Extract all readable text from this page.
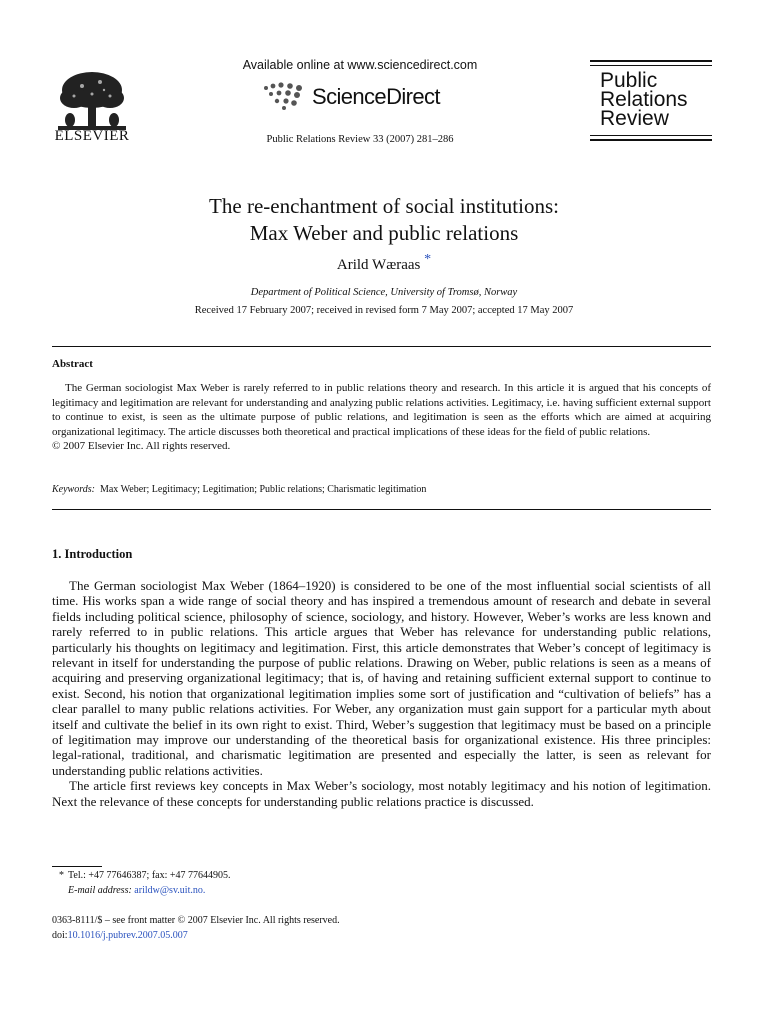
ELSEVIER
Available online at www.sciencedirect.com
ScienceDirect
Public Relations Review 33 (2007) 281–286
Public
Relations
Review
The re-enchantment of social institutions:
Max Weber and public relations
Arild Wæraas *
Department of Political Science, University of Tromsø, Norway
Received 17 February 2007; received in revised form 7 May 2007; accepted 17 May 2007
Abstract

The German sociologist Max Weber is rarely referred to in public relations theory and research. In this article it is argued that his concepts of legitimacy and legitimation are relevant for understanding and analyzing public relations activities. Legitimacy, i.e. having sufficient external support to continue to exist, is seen as the ultimate purpose of public relations, and legitimation is seen as the efforts which are aimed at acquiring organizational legitimacy. The article discusses both theoretical and practical implications of these ideas for the field of public relations.

© 2007 Elsevier Inc. All rights reserved.

Keywords: Max Weber; Legitimacy; Legitimation; Public relations; Charismatic legitimation
1. Introduction

The German sociologist Max Weber (1864–1920) is considered to be one of the most influential social scientists of all time. His works span a wide range of social theory and has inspired a tremendous amount of research and debate in several fields including political science, philosophy of science, sociology, and history. However, Weber’s works are less known and rarely referred to in public relations. This article argues that Weber has relevance for understanding public relations, particularly his thoughts on legitimacy and legitimation. First, this article demonstrates that Weber’s concept of legitimacy is relevant in itself for understanding the purpose of public relations. Drawing on Weber, public relations is seen as a means of acquiring and preserving organizational legitimacy; that is, of having and retaining sufficient external support to continue to exist. Second, his notion that organizational legitimation implies some sort of justification and “cultivation of beliefs” has a clear parallel to many public relations activities. For Weber, any organization must gain support for a particular myth about itself and cultivate the belief in its own right to exist. Third, Weber’s suggestion that legitimacy must be based on a principle of legitimation may improve our understanding of the theoretical basis for organizational existence. His three principles: legal-rational, traditional, and charismatic legitimation are presented and especially the latter, is seen as relevant for understanding public relations activities.

The article first reviews key concepts in Max Weber’s sociology, most notably legitimacy and his notion of legitimation. Next the relevance of these concepts for understanding public relations practice is discussed.

* Tel.: +47 77646387; fax: +47 77644905.
E-mail address: arildw@sv.uit.no.
0363-8111/$ – see front matter © 2007 Elsevier Inc. All rights reserved.
doi:10.1016/j.pubrev.2007.05.007
